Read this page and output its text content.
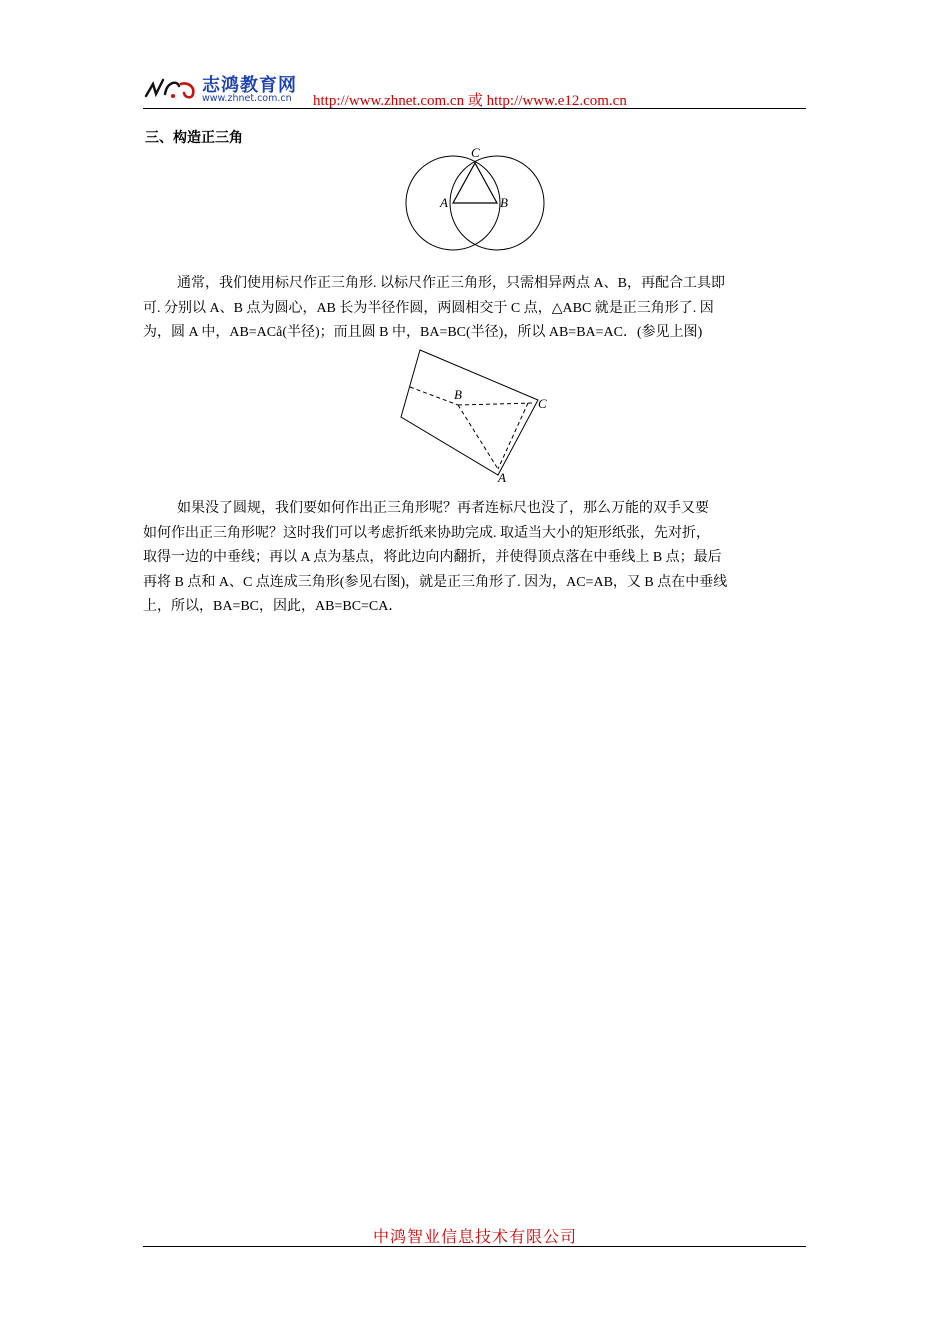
志鸿教育网
www.zhnet.com.cn http://www.zhnet.com.cn 或 http://www.e12.com.cn
三、构造正三角
C
A	B
通常，我们使用标尺作正三角形. 以标尺作正三角形，只需相异两点 A、B，再配合工具即
可. 分别以 A、B 点为圆心，AB 长为半径作圆，两圆相交于 C 点，△ABC 就是正三角形了. 因
为，圆 A 中，AB=ACå(半径)；而且圆 B 中，BA=BC(半径)，所以 AB=BA=AC．(参见上图)
B
C
A
如果没了圆规，我们要如何作出正三角形呢？再者连标尺也没了，那么万能的双手又要
如何作出正三角形呢？这时我们可以考虑折纸来协助完成. 取适当大小的矩形纸张，先对折，
取得一边的中垂线；再以 A 点为基点，将此边向内翻折，并使得顶点落在中垂线上 B 点；最后
再将 B 点和 A、C 点连成三角形(参见右图)，就是正三角形了. 因为，AC=AB，又 B 点在中垂线
上，所以，BA=BC，因此，AB=BC=CA．
中鸿智业信息技术有限公司
